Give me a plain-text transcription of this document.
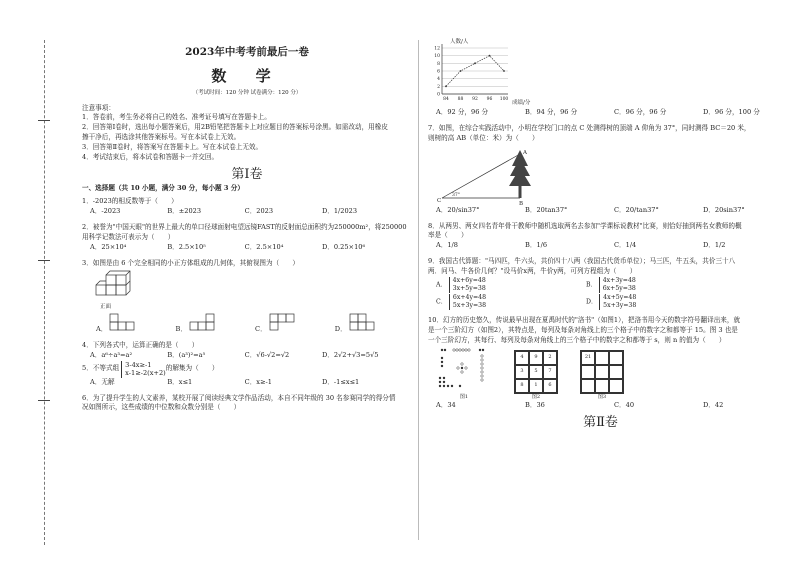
2023年中考考前最后一卷
数 学
（考试时间：120 分钟 试卷满分：120 分）

注意事项：

1．答卷前，考生务必将自己的姓名、准考证号填写在答题卡上。

2．回答第Ⅰ卷时，选出每小题答案后，用2B铅笔把答题卡上对应题目的答案标号涂黑。如需改动，用橡皮

擦干净后，再选涂其他答案标号。写在本试卷上无效。

3．回答第Ⅱ卷时，将答案写在答题卡上。写在本试卷上无效。

4．考试结束后，将本试卷和答题卡一并交回。

第Ⅰ卷

一、选择题（共 10 小题，满分 30 分，每小题 3 分）

1．-2023的相反数等于（　　）

A．-2023	B．±2023	C．2023	D．1/2023

2．被誉为"中国天眼"的世界上最大的单口径球面射电望远镜FAST的反射面总面积约为250000m²，将250000

用科学记数法可表示为（　　）

A．25×10⁴	B．2.5×10⁵	C．2.5×10⁴	D．0.25×10⁶

3．如图是由 6 个完全相同的小正方体组成的几何体，其俯视图为（　　）

正面
A．	B．	C．	D．

4．下列各式中，运算正确的是（　　）

A．a⁶÷a³=a²	B．(a³)²=a⁵	C．√6-√2=√2	D．2√2+√3=5√5
5．不等式组 3-4x≥-1
x-1≥-2(x+2)
的解集为（　　）
A．无解	B．x≤1	C．x≥-1	D．-1≤x≤1

6．为了提升学生的人文素养，某校开展了阅读经典文学作品活动，本自不同年级的 30 名参赛同学的得分情

况如图所示，这些成绩的中位数和众数分别是（　　）

人数/人
成绩/分
12
10
8
6
4
2
0
84 88 92 96 100
A．92 分，96 分	B．94 分，96 分	C．96 分，96 分	D．96 分，100 分

7．如图，在综合实践活动中，小明在学校门口的点 C 处测得树的顶端 A 仰角为 37°，同时测得 BC＝20 米，

则树的高 AB（单位：米）为（　　）

C	B
A
37°
A．20/sin37°	B．20tan37°	C．20/tan37°	D．20sin37°

8．从两男、两女四名青年骨干教师中随机选取两名去参加"学课标说教材"比赛，则恰好抽到两名女教师的概

率是（　　）

A．1/8	B．1/6	C．1/4	D．1/2

9．我国古代算题："马四匹，牛六头，共价四十八两（我国古代货币单位）；马三匹，牛五头，共价三十八

两．问马、牛各价几何？"设马价x两，牛价y两，可列方程组为（　　）

A．
4x+6y=48
3x+5y=38	B．
4x+3y=48
6x+5y=38
C．
6x+4y=48
5x+3y=38	D．
4x+5y=48
5x+3y=38

10．幻方的历史悠久，传说最早出现在夏禹时代的"洛书"（如图1），把洛书用今天的数字符号翻译出来，就

是一个三阶幻方（如图2），其特点是，每列及每条对角线上的三个格子中的数字之和都等于 15。图 3 也是

一个三阶幻方，其每行、每列及每条对角线上的三个格子中的数字之和都等于 s，则 n 的值为（　　）

图1
4	9	2
3	5	7
8	1	6
图2
21
图3
A．34	B．36	C．40	D．42
第Ⅱ卷
